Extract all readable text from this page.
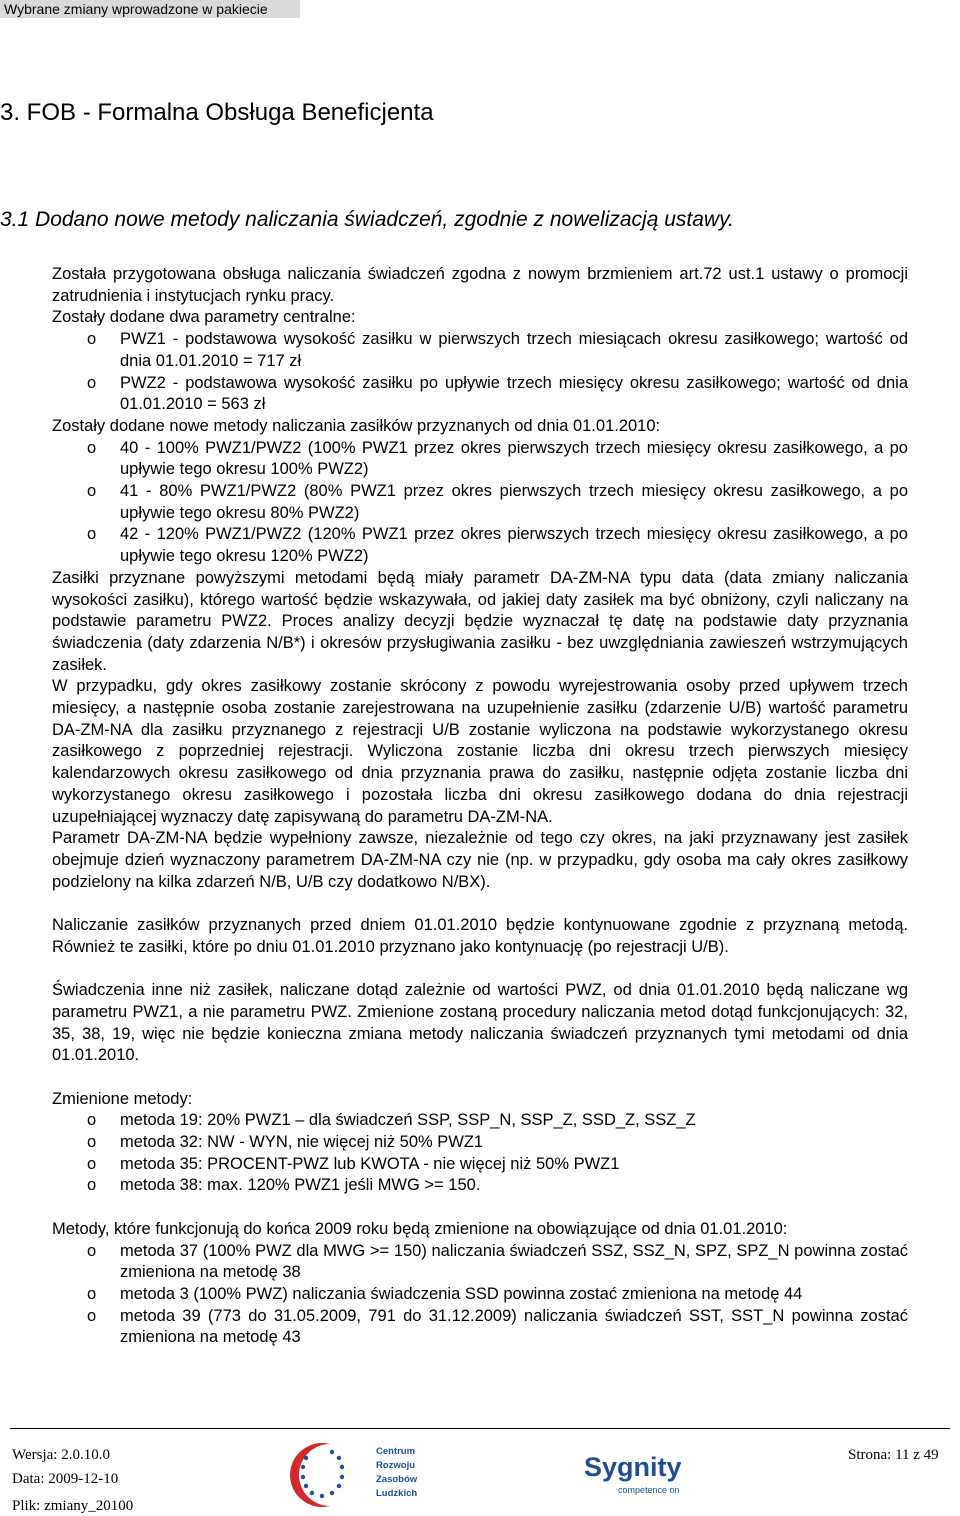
Wybrane zmiany wprowadzone w pakiecie
3. FOB - Formalna Obsługa Beneficjenta
3.1 Dodano nowe metody naliczania świadczeń, zgodnie z nowelizacją ustawy.

Została przygotowana obsługa naliczania świadczeń zgodna z nowym brzmieniem art.72 ust.1 ustawy o promocji zatrudnienia i instytucjach rynku pracy.

Zostały dodane dwa parametry centralne:

o PWZ1 - podstawowa wysokość zasiłku w pierwszych trzech miesiącach okresu zasiłkowego; wartość od dnia 01.01.2010 = 717 zł
o PWZ2 - podstawowa wysokość zasiłku po upływie trzech miesięcy okresu zasiłkowego; wartość od dnia 01.01.2010 = 563 zł

Zostały dodane nowe metody naliczania zasiłków przyznanych od dnia 01.01.2010:

o 40 - 100% PWZ1/PWZ2 (100% PWZ1 przez okres pierwszych trzech miesięcy okresu zasiłkowego, a po upływie tego okresu 100% PWZ2)
o 41 - 80% PWZ1/PWZ2 (80% PWZ1 przez okres pierwszych trzech miesięcy okresu zasiłkowego, a po upływie tego okresu 80% PWZ2)
o 42 - 120% PWZ1/PWZ2 (120% PWZ1 przez okres pierwszych trzech miesięcy okresu zasiłkowego, a po upływie tego okresu 120% PWZ2)

Zasiłki przyznane powyższymi metodami będą miały parametr DA-ZM-NA typu data (data zmiany naliczania wysokości zasiłku), którego wartość będzie wskazywała, od jakiej daty zasiłek ma być obniżony, czyli naliczany na podstawie parametru PWZ2. Proces analizy decyzji będzie wyznaczał tę datę na podstawie daty przyznania świadczenia (daty zdarzenia N/B*) i okresów przysługiwania zasiłku - bez uwzględniania zawieszeń wstrzymujących zasiłek.

W przypadku, gdy okres zasiłkowy zostanie skrócony z powodu wyrejestrowania osoby przed upływem trzech miesięcy, a następnie osoba zostanie zarejestrowana na uzupełnienie zasiłku (zdarzenie U/B) wartość parametru DA-ZM-NA dla zasiłku przyznanego z rejestracji U/B zostanie wyliczona na podstawie wykorzystanego okresu zasiłkowego z poprzedniej rejestracji. Wyliczona zostanie liczba dni okresu trzech pierwszych miesięcy kalendarzowych okresu zasiłkowego od dnia przyznania prawa do zasiłku, następnie odjęta zostanie liczba dni wykorzystanego okresu zasiłkowego i pozostała liczba dni okresu zasiłkowego dodana do dnia rejestracji uzupełniającej wyznaczy datę zapisywaną do parametru DA-ZM-NA.

Parametr DA-ZM-NA będzie wypełniony zawsze, niezależnie od tego czy okres, na jaki przyznawany jest zasiłek obejmuje dzień wyznaczony parametrem DA-ZM-NA czy nie (np. w przypadku, gdy osoba ma cały okres zasiłkowy podzielony na kilka zdarzeń N/B, U/B czy dodatkowo N/BX).

Naliczanie zasiłków przyznanych przed dniem 01.01.2010 będzie kontynuowane zgodnie z przyznaną metodą. Również te zasiłki, które po dniu 01.01.2010 przyznano jako kontynuację (po rejestracji U/B).

Świadczenia inne niż zasiłek, naliczane dotąd zależnie od wartości PWZ, od dnia 01.01.2010 będą naliczane wg parametru PWZ1, a nie parametru PWZ. Zmienione zostaną procedury naliczania metod dotąd funkcjonujących: 32, 35, 38, 19, więc nie będzie konieczna zmiana metody naliczania świadczeń przyznanych tymi metodami od dnia 01.01.2010.

Zmienione metody:

o metoda 19: 20% PWZ1 – dla świadczeń SSP, SSP_N, SSP_Z, SSD_Z, SSZ_Z
o metoda 32: NW - WYN, nie więcej niż 50% PWZ1
o metoda 35: PROCENT-PWZ lub KWOTA - nie więcej niż 50% PWZ1
o metoda 38: max. 120% PWZ1 jeśli MWG >= 150.

Metody, które funkcjonują do końca 2009 roku będą zmienione na obowiązujące od dnia 01.01.2010:

o metoda 37 (100% PWZ dla MWG >= 150) naliczania świadczeń SSZ, SSZ_N, SPZ, SPZ_N powinna zostać zmieniona na metodę 38
o metoda 3 (100% PWZ) naliczania świadczenia SSD powinna zostać zmieniona na metodę 44
o metoda 39 (773 do 31.05.2009, 791 do 31.12.2009) naliczania świadczeń SST, SST_N powinna zostać zmieniona na metodę 43
Wersja: 2.0.10.0
Data: 2009-12-10
Plik: zmiany_20100
Strona: 11 z 49
Centrum
Rozwoju
Zasobów
Ludzkich
Sygnity
competence on
